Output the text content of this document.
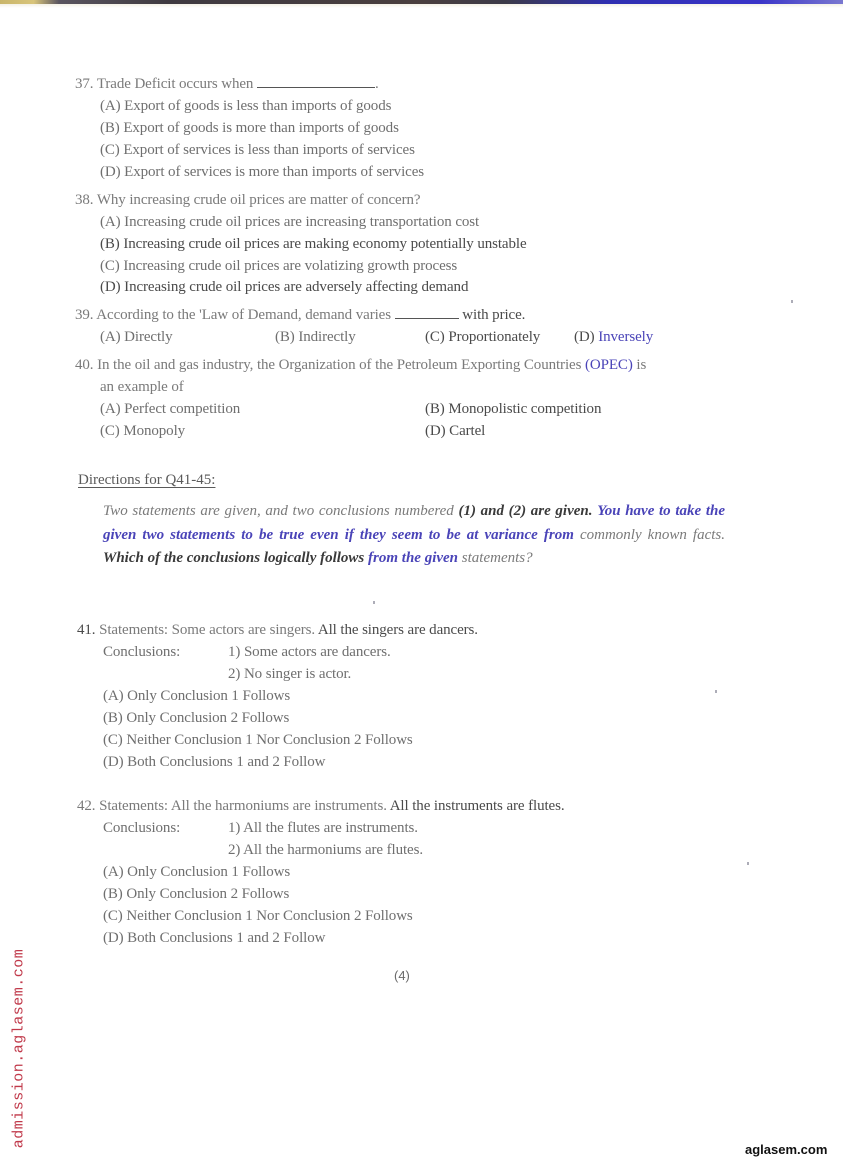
37. Trade Deficit occurs when	.
(A) Export of goods is less than imports of goods
(B) Export of goods is more than imports of goods
(C) Export of services is less than imports of services
(D) Export of services is more than imports of services
38. Why increasing crude oil prices are matter of concern?
(A) Increasing crude oil prices are increasing transportation cost
(B) Increasing crude oil prices are making economy potentially unstable
(C) Increasing crude oil prices are volatizing growth process
(D) Increasing crude oil prices are adversely affecting demand
39. According to the 'Law of Demand, demand varies	with price.
(A) Directly	(B) Indirectly	(C) Proportionately (D) Inversely
40. In the oil and gas industry, the Organization of the Petroleum Exporting Countries (OPEC) is
an example of
(A) Perfect competition	(B) Monopolistic competition
(C) Monopoly	(D) Cartel
Directions for Q41-45:
Two statements are given, and two conclusions numbered (1) and (2) are given. You have to take the given two statements to be true even if they seem to be at variance from commonly known facts. Which of the conclusions logically follows from the given statements?
41. Statements: Some actors are singers. All the singers are dancers.
Conclusions:	1) Some actors are dancers.
2) No singer is actor.
(A) Only Conclusion 1 Follows
(B) Only Conclusion 2 Follows
(C) Neither Conclusion 1 Nor Conclusion 2 Follows
(D) Both Conclusions 1 and 2 Follow
42. Statements: All the harmoniums are instruments. All the instruments are flutes.
Conclusions:	1) All the flutes are instruments.
2) All the harmoniums are flutes.
(A) Only Conclusion 1 Follows
(B) Only Conclusion 2 Follows
(C) Neither Conclusion 1 Nor Conclusion 2 Follows
(D) Both Conclusions 1 and 2 Follow
(4)
admission.aglasem.com
aglasem.com
